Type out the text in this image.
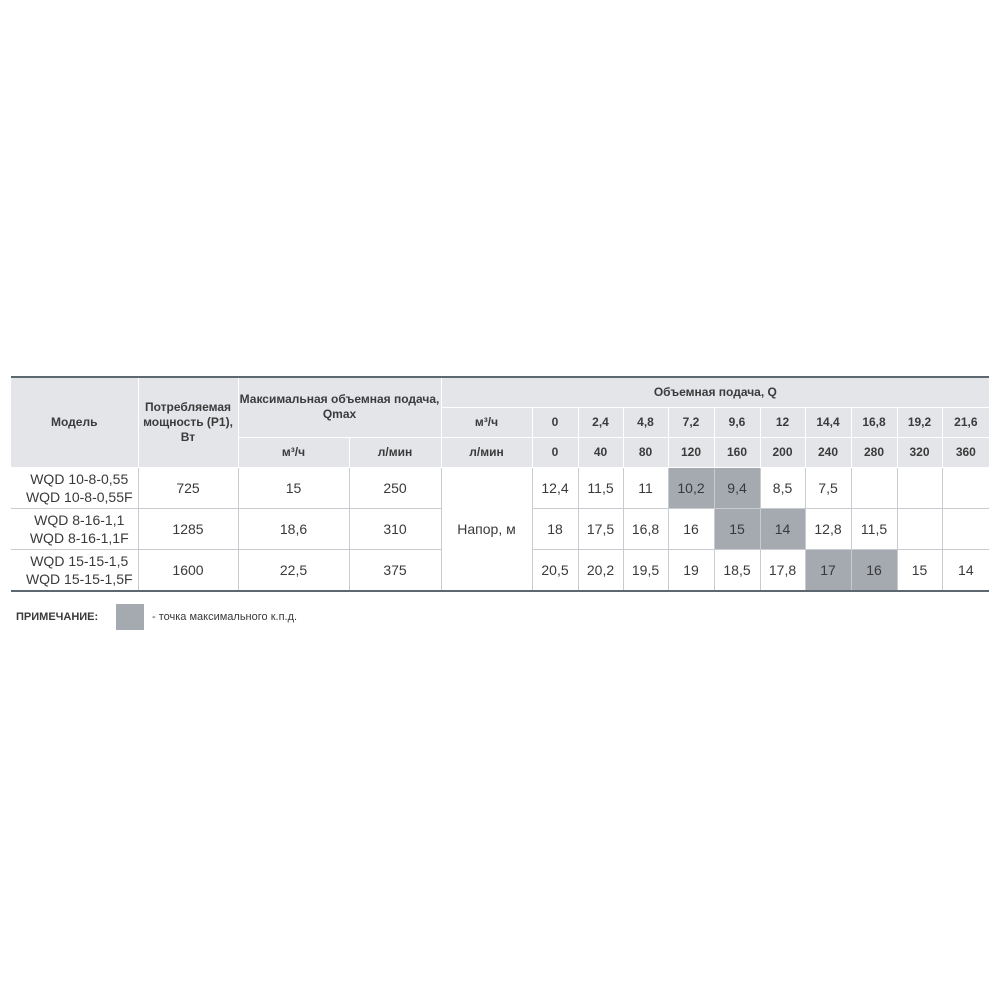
Модель	Потребляемая мощность (Р1), Вт	Максимальная объемная подача, Qmax		Объемная подача, Q										
				м³/ч	0	2,4	4,8	7,2	9,6	12	14,4	16,8	19,2	21,6
		м³/ч	л/мин	л/мин	0	40	80	120	160	200	240	280	320	360

WQD 10-8-0,55
WQD 10-8-0,55F	725	15	250	Напор, м	12,4	11,5	11	10,2	9,4	8,5	7,5			

WQD 8-16-1,1
WQD 8-16-1,1F	1285	18,6	310		18	17,5	16,8	16	15	14	12,8	11,5		

WQD 15-15-1,5
WQD 15-15-1,5F	1600	22,5	375		20,5	20,2	19,5	19	18,5	17,8	17	16	15	14
ПРИМЕЧАНИЕ:	- точка максимального к.п.д.
